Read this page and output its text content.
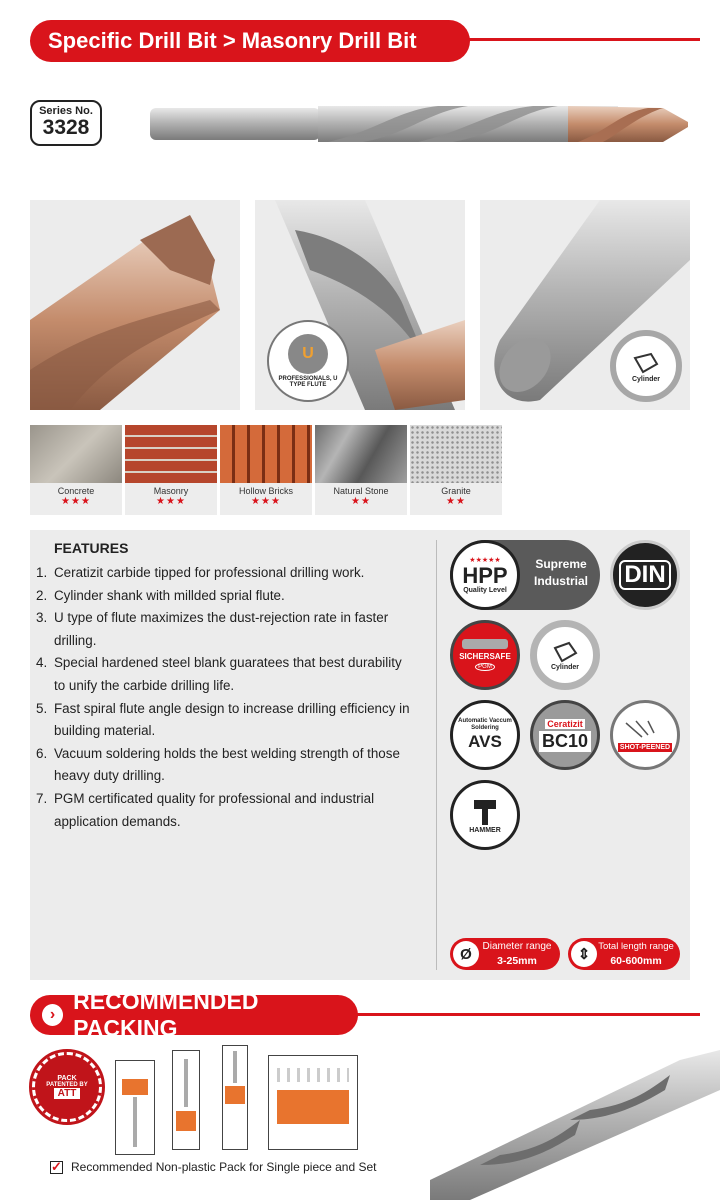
Specific Drill Bit > Masonry Drill Bit
Series No.
3328
U
PROFESSIONALS, U TYPE FLUTE
Cylinder
Concrete
★★★
Masonry
★★★
Hollow Bricks
★★★
Natural Stone
★★
Granite
★★
FEATURES
1. Ceratizit carbide tipped for professional drilling work.
2. Cylinder shank with millded sprial flute.
3. U type of flute maximizes the dust-rejection rate in faster drilling.
4. Special hardened steel blank guaratees that best durability to unify the carbide drilling life.
5. Fast spiral flute angle design to increase drilling efficiency in building material.
6. Vacuum soldering holds the best welding strength of those heavy duty drilling.
7. PGM certificated quality for professional and industrial application demands.
★★★★★
HPP
Quality Level
Supreme
Industrial	DIN
SICHERSAFE
PGM	Cylinder
Automatic Vaccum Soldering
AVS
Ceratizit
BC10	SHOT-PEENED
HAMMER
Ø	Diameter range
3-25mm	⇕ Total length range
60-600mm
›
RECOMMENDED PACKING
PACK
PATENTED BY
ATT
✓ Recommended Non-plastic Pack for Single piece and Set
